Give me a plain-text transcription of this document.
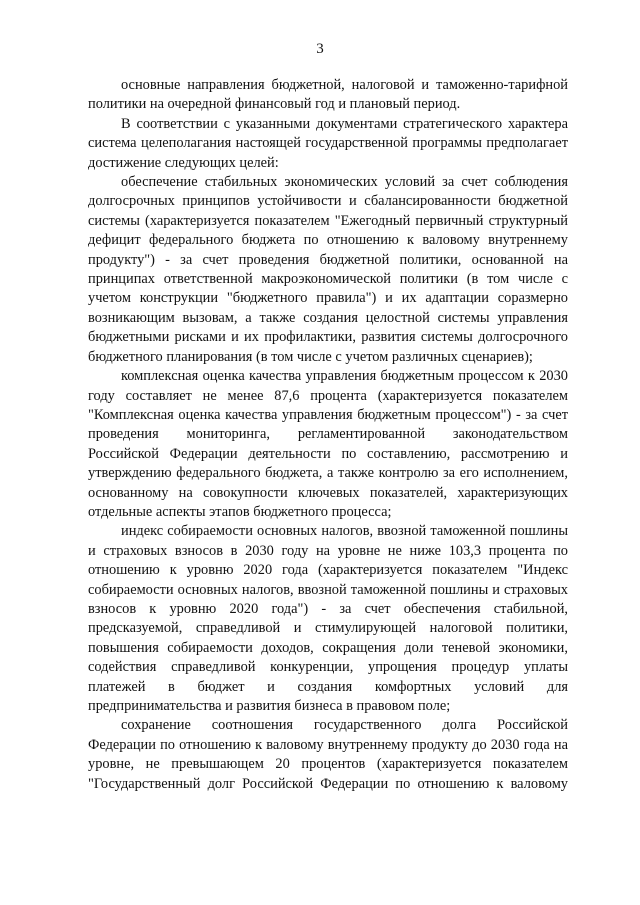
3

основные направления бюджетной, налоговой и таможенно-тарифной политики на очередной финансовый год и плановый период.

В соответствии с указанными документами стратегического характера система целеполагания настоящей государственной программы предполагает достижение следующих целей:

обеспечение стабильных экономических условий за счет соблюдения долгосрочных принципов устойчивости и сбалансированности бюджетной системы (характеризуется показателем "Ежегодный первичный структурный дефицит федерального бюджета по отношению к валовому внутреннему продукту") - за счет проведения бюджетной политики, основанной на принципах ответственной макроэкономической политики (в том числе с учетом конструкции "бюджетного правила") и их адаптации соразмерно возникающим вызовам, а также создания целостной системы управления бюджетными рисками и их профилактики, развития системы долгосрочного бюджетного планирования (в том числе с учетом различных сценариев);

комплексная оценка качества управления бюджетным процессом к 2030 году составляет не менее 87,6 процента (характеризуется показателем "Комплексная оценка качества управления бюджетным процессом") - за счет проведения мониторинга, регламентированной законодательством Российской Федерации деятельности по составлению, рассмотрению и утверждению федерального бюджета, а также контролю за его исполнением, основанному на совокупности ключевых показателей, характеризующих отдельные аспекты этапов бюджетного процесса;

индекс собираемости основных налогов, ввозной таможенной пошлины и страховых взносов в 2030 году на уровне не ниже 103,3 процента по отношению к уровню 2020 года (характеризуется показателем "Индекс собираемости основных налогов, ввозной таможенной пошлины и страховых взносов к уровню 2020 года") - за счет обеспечения стабильной, предсказуемой, справедливой и стимулирующей налоговой политики, повышения собираемости доходов, сокращения доли теневой экономики, содействия справедливой конкуренции, упрощения процедур уплаты платежей в бюджет и создания комфортных условий для предпринимательства и развития бизнеса в правовом поле;

сохранение соотношения государственного долга Российской Федерации по отношению к валовому внутреннему продукту до 2030 года на уровне, не превышающем 20 процентов (характеризуется показателем "Государственный долг Российской Федерации по отношению к валовому
